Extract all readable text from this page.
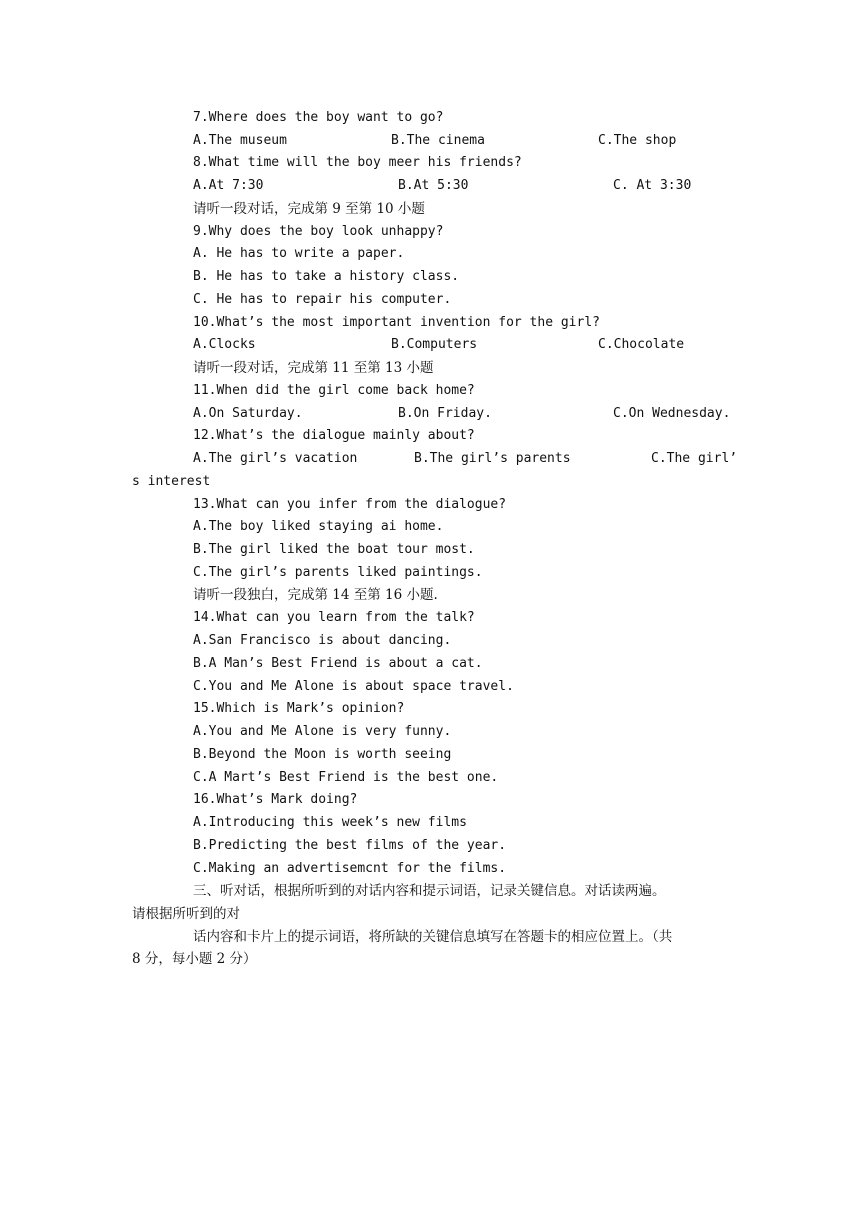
7.Where does the boy want to go?
A.The museum	B.The cinema	C.The shop
8.What time will the boy meer his friends?
A.At 7:30	B.At 5:30	C. At 3:30
请听一段对话，完成第 9 至第 10 小题
9.Why does the boy look unhappy?
A. He has to write a paper.
B. He has to take a history class.
C. He has to repair his computer.
10.What’s the most important invention for the girl?
A.Clocks	B.Computers	C.Chocolate
请听一段对话，完成第 11 至第 13 小题
11.When did the girl come back home?
A.On Saturday.	B.On Friday.	C.On Wednesday.
12.What’s the dialogue mainly about?
A.The girl’s vacation	B.The girl’s parents	C.The girl’
s interest
13.What can you infer from the dialogue?
A.The boy liked staying ai home.
B.The girl liked the boat tour most.
C.The girl’s parents liked paintings.
请听一段独白，完成第 14 至第 16 小题.
14.What can you learn from the talk?
A.San Francisco is about dancing.
B.A Man’s Best Friend is about a cat.
C.You and Me Alone is about space travel.
15.Which is Mark’s opinion?
A.You and Me Alone is very funny.
B.Beyond the Moon is worth seeing
C.A Mart’s Best Friend is the best one.
16.What’s Mark doing?
A.Introducing this week’s new films
B.Predicting the best films of the year.
C.Making an advertisemcnt for the films.
三、听对话，根据所听到的对话内容和提示词语，记录关键信息。对话读两遍。
请根据所听到的对
话内容和卡片上的提示词语，将所缺的关键信息填写在答题卡的相应位置上。（共
8 分，每小题 2 分）
